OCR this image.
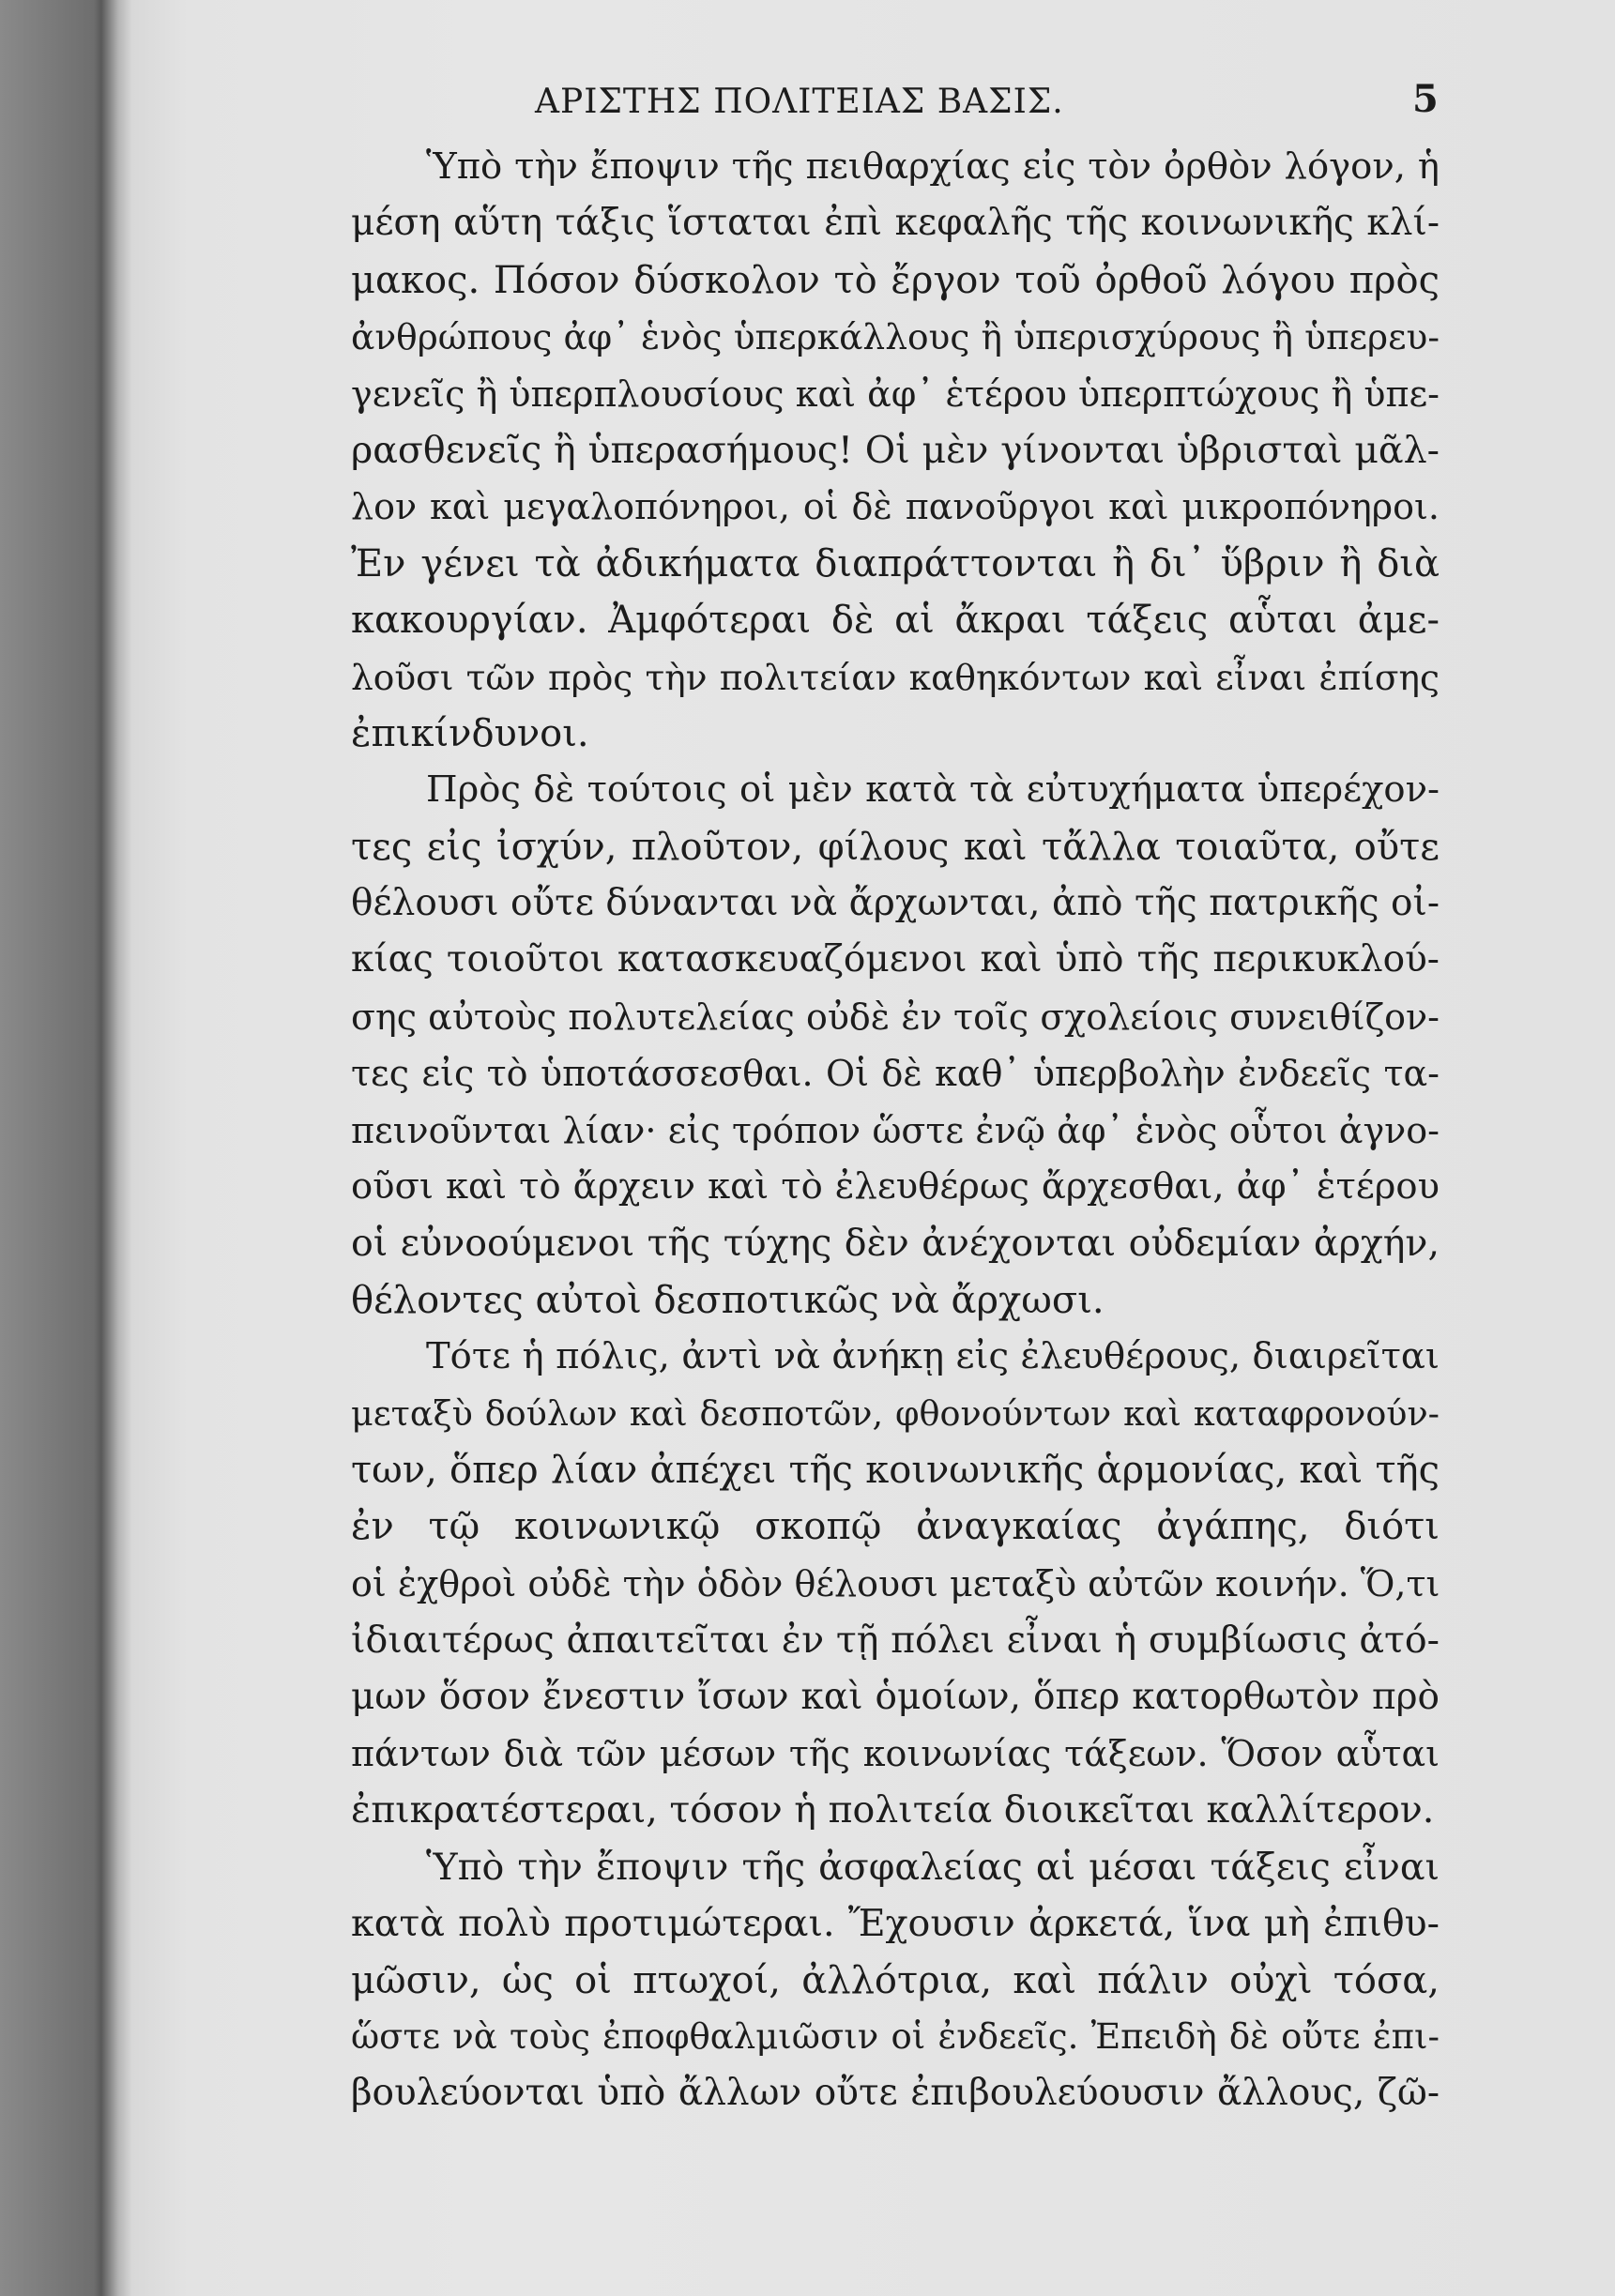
ΑΡΙΣΤΗΣ ΠΟΛΙΤΕΙΑΣ ΒΑΣΙΣ.	5
Ὑπὸ τὴν ἔποψιν τῆς πειθαρχίας εἰς τὸν ὀρθὸν λόγον, ἡ
μέση αὕτη τάξις ἵσταται ἐπὶ κεφαλῆς τῆς κοινωνικῆς κλί-
μακος. Πόσον δύσκολον τὸ ἔργον τοῦ ὀρθοῦ λόγου πρὸς
ἀνθρώπους ἀφ᾽ ἑνὸς ὑπερκάλλους ἢ ὑπερισχύρους ἢ ὑπερευ-
γενεῖς ἢ ὑπερπλουσίους καὶ ἀφ᾽ ἑτέρου ὑπερπτώχους ἢ ὑπε-
ρασθενεῖς ἢ ὑπερασήμους! Οἱ μὲν γίνονται ὑβρισταὶ μᾶλ-
λον καὶ μεγαλοπόνηροι, οἱ δὲ πανοῦργοι καὶ μικροπόνηροι.
Ἐν γένει τὰ ἀδικήματα διαπράττονται ἢ δι᾽ ὕβριν ἢ διὰ
κακουργίαν. Ἀμφότεραι δὲ αἱ ἄκραι τάξεις αὗται ἀμε-
λοῦσι τῶν πρὸς τὴν πολιτείαν καθηκόντων καὶ εἶναι ἐπίσης
ἐπικίνδυνοι.
Πρὸς δὲ τούτοις οἱ μὲν κατὰ τὰ εὐτυχήματα ὑπερέχον-
τες εἰς ἰσχύν, πλοῦτον, φίλους καὶ τἄλλα τοιαῦτα, οὔτε
θέλουσι οὔτε δύνανται νὰ ἄρχωνται, ἀπὸ τῆς πατρικῆς οἰ-
κίας τοιοῦτοι κατασκευαζόμενοι καὶ ὑπὸ τῆς περικυκλού-
σης αὐτοὺς πολυτελείας οὐδὲ ἐν τοῖς σχολείοις συνειθίζον-
τες εἰς τὸ ὑποτάσσεσθαι. Οἱ δὲ καθ᾽ ὑπερβολὴν ἐνδεεῖς τα-
πεινοῦνται λίαν· εἰς τρόπον ὥστε ἐνῷ ἀφ᾽ ἑνὸς οὗτοι ἀγνο-
οῦσι καὶ τὸ ἄρχειν καὶ τὸ ἐλευθέρως ἄρχεσθαι, ἀφ᾽ ἑτέρου
οἱ εὐνοούμενοι τῆς τύχης δὲν ἀνέχονται οὐδεμίαν ἀρχήν,
θέλοντες αὐτοὶ δεσποτικῶς νὰ ἄρχωσι.
Τότε ἡ πόλις, ἀντὶ νὰ ἀνήκῃ εἰς ἐλευθέρους, διαιρεῖται
μεταξὺ δούλων καὶ δεσποτῶν, φθονούντων καὶ καταφρονούν-
των, ὅπερ λίαν ἀπέχει τῆς κοινωνικῆς ἁρμονίας, καὶ τῆς
ἐν τῷ κοινωνικῷ σκοπῷ ἀναγκαίας ἀγάπης, διότι
οἱ ἐχθροὶ οὐδὲ τὴν ὁδὸν θέλουσι μεταξὺ αὐτῶν κοινήν. Ὅ,τι
ἰδιαιτέρως ἀπαιτεῖται ἐν τῇ πόλει εἶναι ἡ συμβίωσις ἀτό-
μων ὅσον ἔνεστιν ἴσων καὶ ὁμοίων, ὅπερ κατορθωτὸν πρὸ
πάντων διὰ τῶν μέσων τῆς κοινωνίας τάξεων. Ὅσον αὗται
ἐπικρατέστεραι, τόσον ἡ πολιτεία διοικεῖται καλλίτερον.
Ὑπὸ τὴν ἔποψιν τῆς ἀσφαλείας αἱ μέσαι τάξεις εἶναι
κατὰ πολὺ προτιμώτεραι. Ἔχουσιν ἀρκετά, ἵνα μὴ ἐπιθυ-
μῶσιν, ὡς οἱ πτωχοί, ἀλλότρια, καὶ πάλιν οὐχὶ τόσα,
ὥστε νὰ τοὺς ἐποφθαλμιῶσιν οἱ ἐνδεεῖς. Ἐπειδὴ δὲ οὔτε ἐπι-
βουλεύονται ὑπὸ ἄλλων οὔτε ἐπιβουλεύουσιν ἄλλους, ζῶ-
